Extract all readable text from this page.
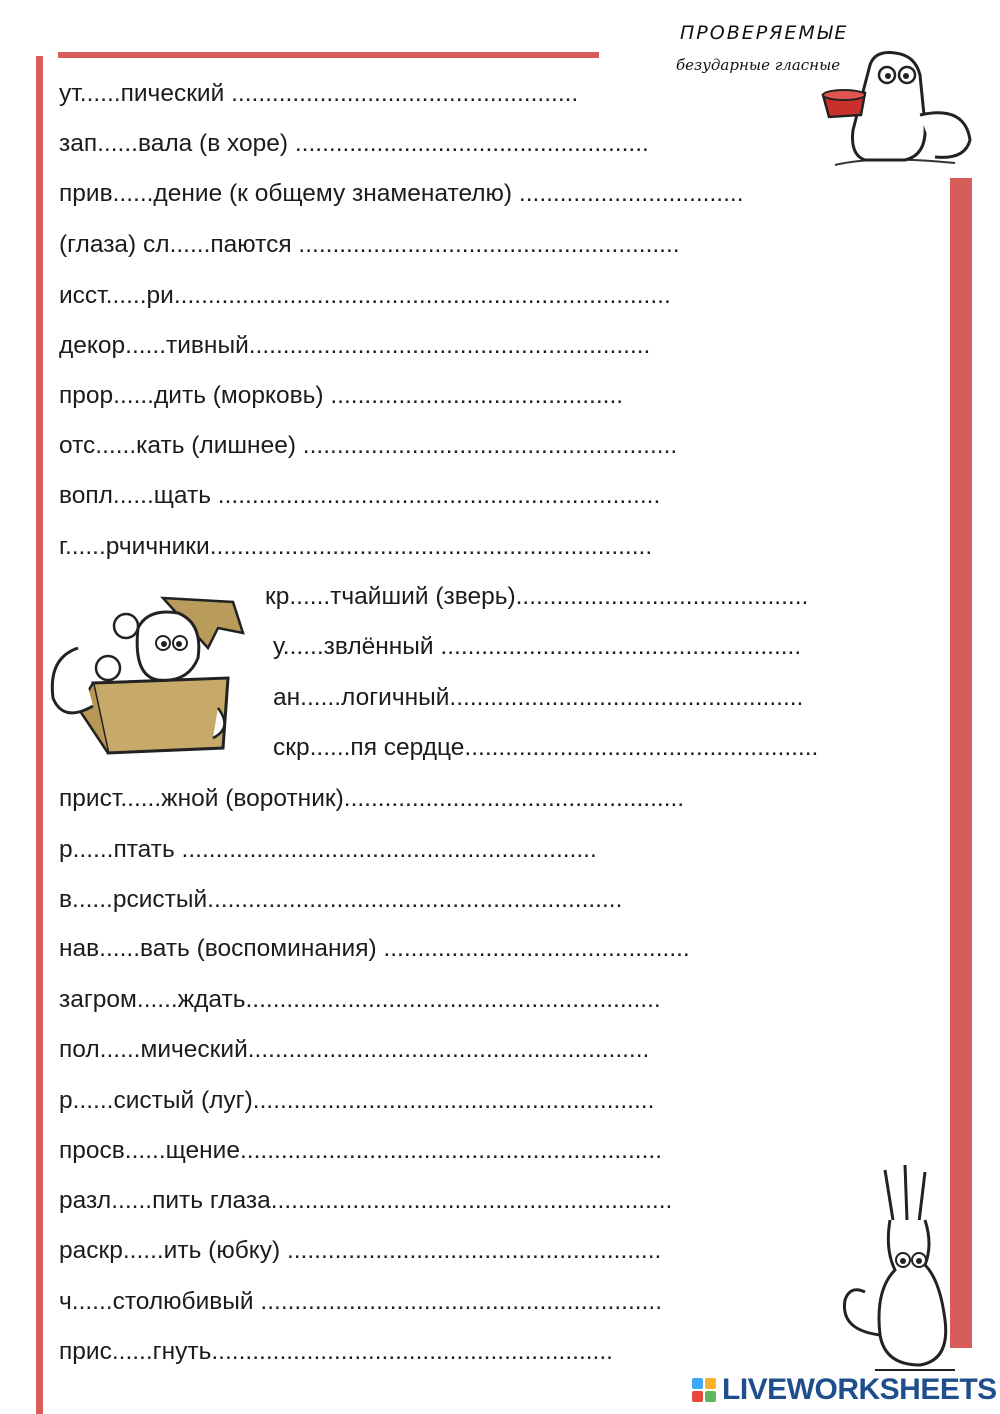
ПРОВЕРЯЕМЫЕ
безударные гласные
ут......пический ...................................................
зап......вала (в хоре) ....................................................
прив......дение (к общему знаменателю) .................................
(глаза) сл......паются ........................................................
исст......ри.........................................................................
декор......тивный...........................................................
прор......дить (морковь) ...........................................
отс......кать (лишнее) .......................................................
вопл......щать .................................................................
г......рчичники.................................................................
кр......тчайший (зверь)...........................................
у......звлённый .....................................................
ан......логичный....................................................
скр......пя сердце....................................................
прист......жной (воротник)..................................................
р......птать .............................................................
в......рсистый.............................................................
нав......вать (воспоминания) .............................................
загром......ждать.............................................................
пол......мический...........................................................
р......систый (луг)...........................................................
просв......щение..............................................................
разл......пить глаза...........................................................
раскр......ить (юбку) .......................................................
ч......столюбивый ...........................................................
прис......гнуть...........................................................
LIVEWORKSHEETS
